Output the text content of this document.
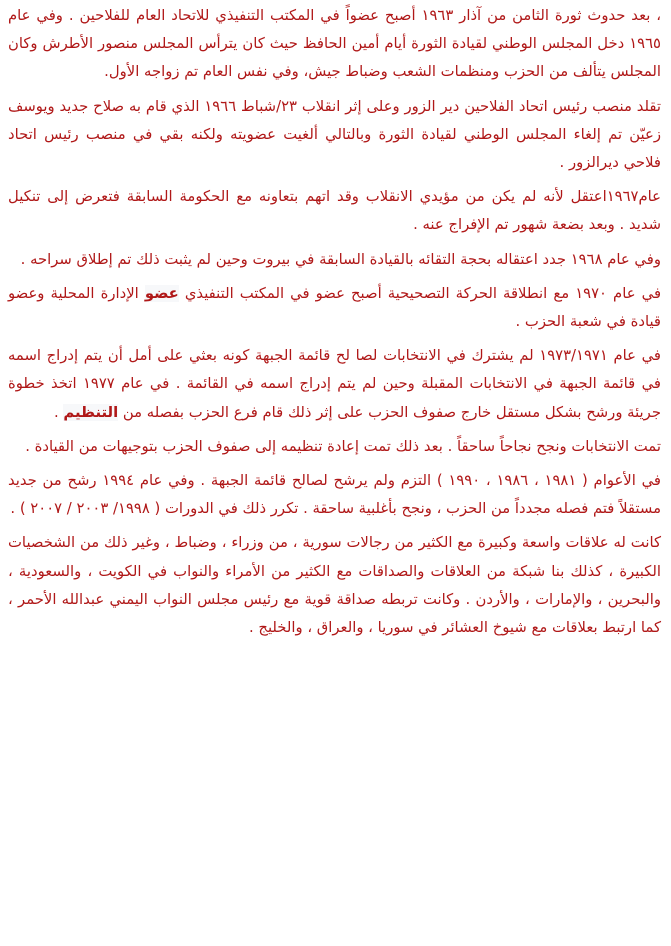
، بعد حدوث ثورة الثامن من آذار ١٩٦٣ أصبح عضواً في المكتب التنفيذي للاتحاد العام للفلاحين . وفي عام ١٩٦٥ دخل المجلس الوطني لقيادة الثورة أيام أمين الحافظ حيث كان يترأس المجلس منصور الأطرش وكان المجلس يتألف من الحزب ومنظمات الشعب وضباط جيش، وفي نفس العام تم زواجه الأول.

تقلد منصب رئيس اتحاد الفلاحين دير الزور وعلى إثر انقلاب ٢٣/شباط ١٩٦٦ الذي قام به صلاح جديد ويوسف زعيّن تم إلغاء المجلس الوطني لقيادة الثورة وبالتالي ألغيت عضويته ولكنه بقي في منصب رئيس اتحاد فلاحي ديرالزور .

عام١٩٦٧اعتقل لأنه لم يكن من مؤيدي الانقلاب وقد اتهم بتعاونه مع الحكومة السابقة فتعرض إلى تنكيل شديد . وبعد بضعة شهور تم الإفراج عنه .

وفي عام ١٩٦٨ جدد اعتقاله بحجة التقائه بالقيادة السابقة في بيروت وحين لم يثبت ذلك تم إطلاق سراحه .

في عام ١٩٧٠ مع انطلاقة الحركة التصحيحية أصبح عضو في المكتب التنفيذي عضو الإدارة المحلية وعضو قيادة في شعبة الحزب .

في عام ١٩٧٣/١٩٧١ لم يشترك في الانتخابات لصا لح قائمة الجبهة كونه بعثي على أمل أن يتم إدراج اسمه في قائمة الجبهة في الانتخابات المقبلة وحين لم يتم إدراج اسمه في القائمة . في عام ١٩٧٧ اتخذ خطوة جريئة ورشح بشكل مستقل خارج صفوف الحزب على إثر ذلك قام فرع الحزب بفصله من التنظيم .

تمت الانتخابات ونجح نجاحاً ساحقاً . بعد ذلك تمت إعادة تنظيمه إلى صفوف الحزب بتوجيهات من القيادة .

في الأعوام ( ١٩٨١ ، ١٩٨٦ ، ١٩٩٠ ) التزم ولم يرشح لصالح قائمة الجبهة . وفي عام ١٩٩٤ رشح من جديد مستقلاً فتم فصله مجدداً من الحزب ، ونجح بأغلبية ساحقة . تكرر ذلك في الدورات ( ١٩٩٨/ ٢٠٠٣ / ٢٠٠٧ ) .

كانت له علاقات واسعة وكبيرة مع الكثير من رجالات سورية ، من وزراء ، وضباط ، وغير ذلك من الشخصيات الكبيرة ، كذلك بنا شبكة من العلاقات والصداقات مع الكثير من الأمراء والنواب في الكويت ، والسعودية ، والبحرين ، والإمارات ، والأردن . وكانت تربطه صداقة قوية مع رئيس مجلس النواب اليمني عبدالله الأحمر ، كما ارتبط بعلاقات مع شيوخ العشائر في سوريا ، والعراق ، والخليج .
